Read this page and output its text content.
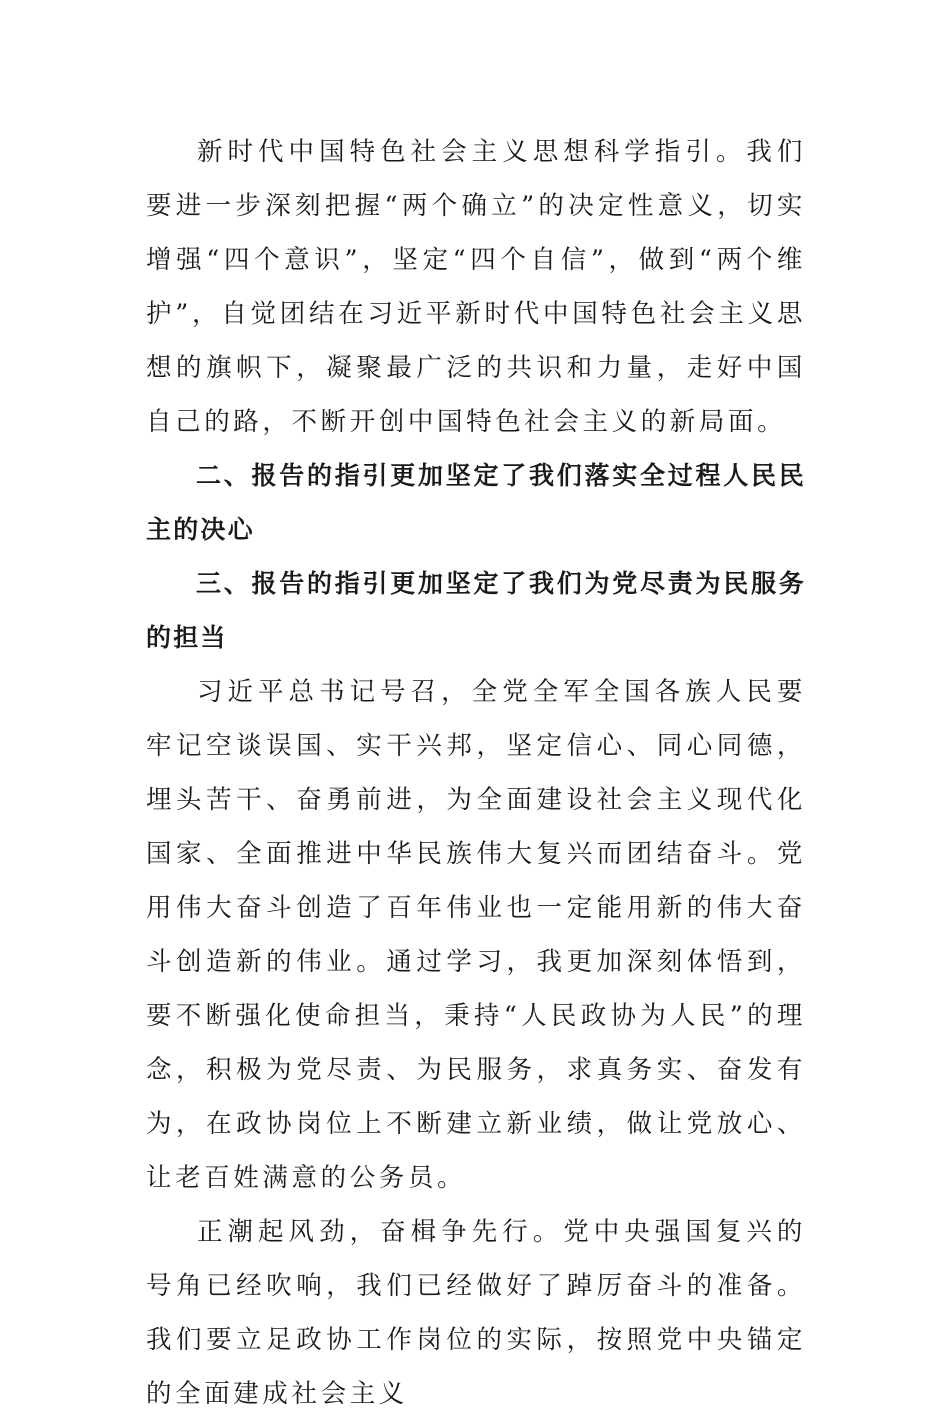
新时代中国特色社会主义思想科学指引。我们要进一步深刻把握“两个确立”的决定性意义，切实增强“四个意识”，坚定“四个自信”，做到“两个维护”，自觉团结在习近平新时代中国特色社会主义思想的旗帜下，凝聚最广泛的共识和力量，走好中国自己的路，不断开创中国特色社会主义的新局面。

二、报告的指引更加坚定了我们落实全过程人民民主的决心

三、报告的指引更加坚定了我们为党尽责为民服务的担当

习近平总书记号召，全党全军全国各族人民要牢记空谈误国、实干兴邦，坚定信心、同心同德，埋头苦干、奋勇前进，为全面建设社会主义现代化国家、全面推进中华民族伟大复兴而团结奋斗。党用伟大奋斗创造了百年伟业也一定能用新的伟大奋斗创造新的伟业。通过学习，我更加深刻体悟到，要不断强化使命担当，秉持“人民政协为人民”的理念，积极为党尽责、为民服务，求真务实、奋发有为，在政协岗位上不断建立新业绩，做让党放心、让老百姓满意的公务员。

正潮起风劲，奋楫争先行。党中央强国复兴的号角已经吹响，我们已经做好了踔厉奋斗的准备。我们要立足政协工作岗位的实际，按照党中央锚定的全面建成社会主义
